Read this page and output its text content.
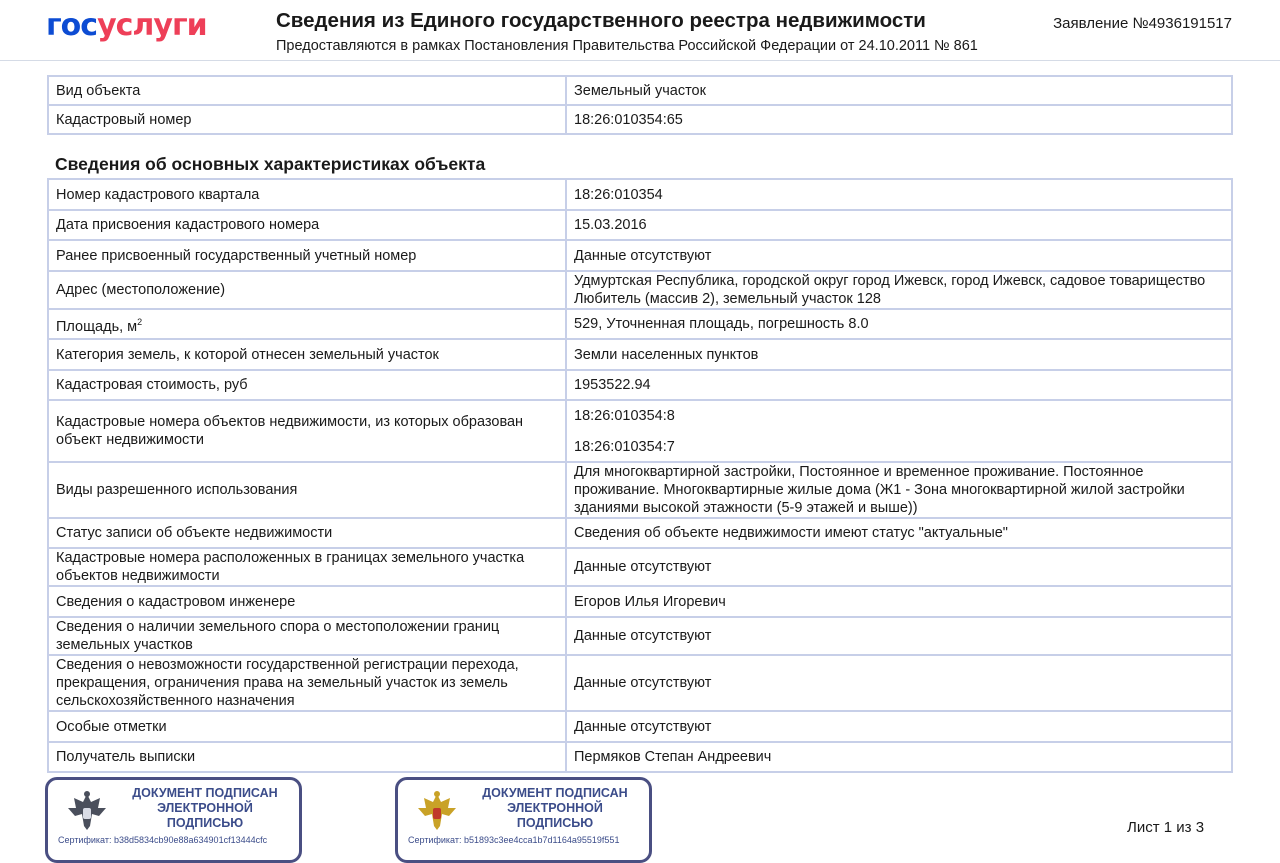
госуслуги	Сведения из Единого государственного реестра недвижимости
Предоставляются в рамках Постановления Правительства Российской Федерации от 24.10.2011 № 861
Заявление №4936191517
Вид объекта	Земельный участок
Кадастровый номер	18:26:010354:65
Сведения об основных характеристиках объекта
Номер кадастрового квартала	18:26:010354
Дата присвоения кадастрового номера	15.03.2016
Ранее присвоенный государственный учетный номер	Данные отсутствуют
Адрес (местоположение)	Удмуртская Республика, городской округ город Ижевск, город Ижевск, садовое товарищество Любитель (массив 2), земельный участок 128
Площадь, $м^2$	529, Уточненная площадь, погрешность 8.0
Категория земель, к которой отнесен земельный участок	Земли населенных пунктов
Кадастровая стоимость, руб	1953522.94
Кадастровые номера объектов недвижимости, из которых образован объект недвижимости	18:26:010354:8
18:26:010354:7

Виды разрешенного использования	Для многоквартирной застройки, Постоянное и временное проживание. Постоянное проживание. Многоквартирные жилые дома (Ж1 - Зона многоквартирной жилой застройки зданиями высокой этажности (5-9 этажей и выше))
Статус записи об объекте недвижимости	Сведения об объекте недвижимости имеют статус "актуальные"
Кадастровые номера расположенных в границах земельного участка объектов недвижимости	Данные отсутствуют
Сведения о кадастровом инженере	Егоров Илья Игоревич
Сведения о наличии земельного спора о местоположении границ земельных участков	Данные отсутствуют
Сведения о невозможности государственной регистрации перехода, прекращения, ограничения права на земельный участок из земель сельскохозяйственного назначения	Данные отсутствуют
Особые отметки	Данные отсутствуют
Получатель выписки	Пермяков Степан Андреевич
ДОКУМЕНТ ПОДПИСАН
ЭЛЕКТРОННОЙ
ПОДПИСЬЮ
Сертификат: b38d5834cb90e88a634901cf13444cfc
ДОКУМЕНТ ПОДПИСАН
ЭЛЕКТРОННОЙ
ПОДПИСЬЮ
Сертификат: b51893c3ee4cca1b7d1164a95519f551
Лист 1 из 3
